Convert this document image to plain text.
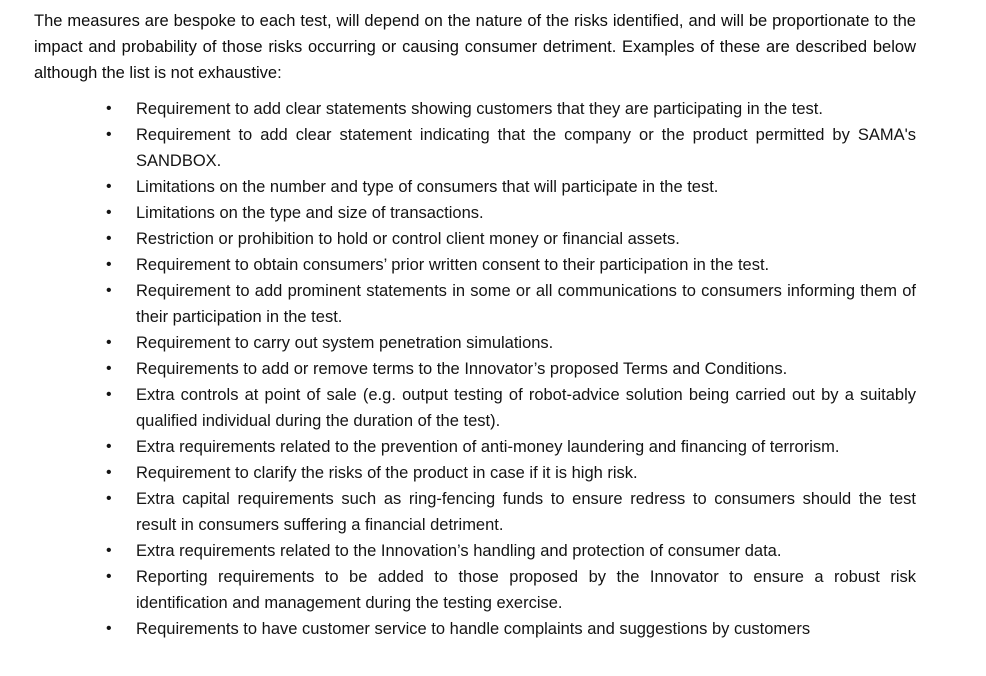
The measures are bespoke to each test, will depend on the nature of the risks identified, and will be proportionate to the impact and probability of those risks occurring or causing consumer detriment. Examples of these are described below although the list is not exhaustive:

• Requirement to add clear statements showing customers that they are participating in the test.
• Requirement to add clear statement indicating that the company or the product permitted by SAMA's SANDBOX.
• Limitations on the number and type of consumers that will participate in the test.
• Limitations on the type and size of transactions.
• Restriction or prohibition to hold or control client money or financial assets.
• Requirement to obtain consumers’ prior written consent to their participation in the test.
• Requirement to add prominent statements in some or all communications to consumers informing them of their participation in the test.
• Requirement to carry out system penetration simulations.
• Requirements to add or remove terms to the Innovator’s proposed Terms and Conditions.
• Extra controls at point of sale (e.g. output testing of robot-advice solution being carried out by a suitably qualified individual during the duration of the test).
• Extra requirements related to the prevention of anti-money laundering and financing of terrorism.
• Requirement to clarify the risks of the product in case if it is high risk.
• Extra capital requirements such as ring-fencing funds to ensure redress to consumers should the test result in consumers suffering a financial detriment.
• Extra requirements related to the Innovation’s handling and protection of consumer data.
• Reporting requirements to be added to those proposed by the Innovator to ensure a robust risk identification and management during the testing exercise.
• Requirements to have customer service to handle complaints and suggestions by customers
